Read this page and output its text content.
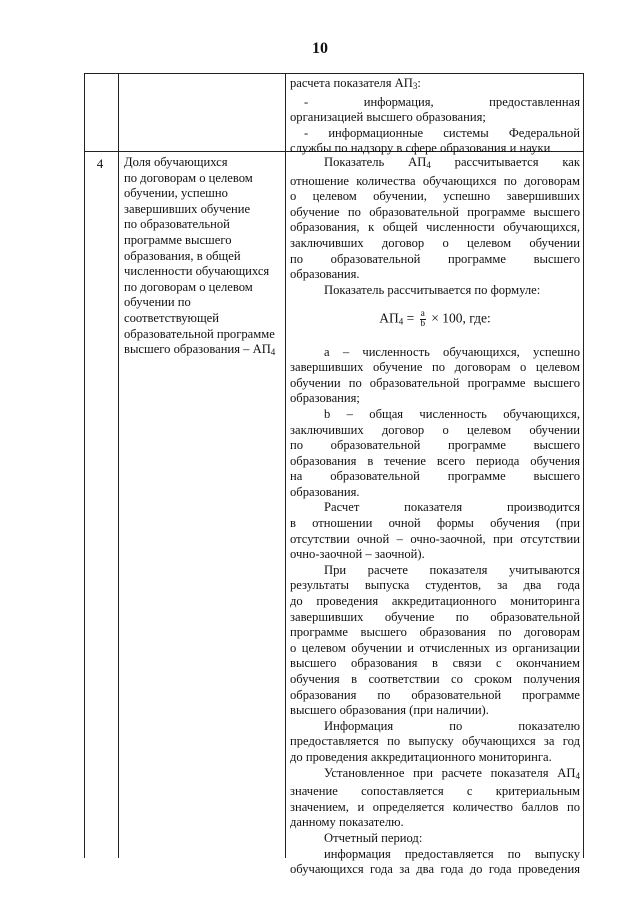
10
расчета показателя $АП_3$:
- информация, предоставленная
организацией высшего образования;
- информационные системы Федеральной
службы по надзору в сфере образования и науки
4	Доля обучающихся
по договорам о целевом
обучении, успешно
завершивших обучение
по образовательной
программе высшего
образования, в общей
численности обучающихся
по договорам о целевом
обучении по
соответствующей
образовательной программе
высшего образования – $АП_4$
Показатель $АП_4$ рассчитывается как
отношение количества обучающихся по договорам
о целевом обучении, успешно завершивших
обучение по образовательной программе высшего
образования, к общей численности обучающихся,
заключивших договор о целевом обучении
по образовательной программе высшего
образования.
Показатель рассчитывается по формуле:
$АП_4 = \frac{a}{b} \times 100$, где:
a – численность обучающихся, успешно
завершивших обучение по договорам о целевом
обучении по образовательной программе высшего
образования;
b – общая численность обучающихся,
заключивших договор о целевом обучении
по образовательной программе высшего
образования в течение всего периода обучения
на образовательной программе высшего
образования.
Расчет показателя производится
в отношении очной формы обучения (при
отсутствии очной – очно-заочной, при отсутствии
очно-заочной – заочной).
При расчете показателя учитываются
результаты выпуска студентов, за два года
до проведения аккредитационного мониторинга
завершивших обучение по образовательной
программе высшего образования по договорам
о целевом обучении и отчисленных из организации
высшего образования в связи с окончанием
обучения в соответствии со сроком получения
образования по образовательной программе
высшего образования (при наличии).
Информация по показателю
предоставляется по выпуску обучающихся за год
до проведения аккредитационного мониторинга.
Установленное при расчете показателя $АП_4$
значение сопоставляется с критериальным
значением, и определяется количество баллов по
данному показателю.
Отчетный период:
информация предоставляется по выпуску
обучающихся года за два года до года проведения
